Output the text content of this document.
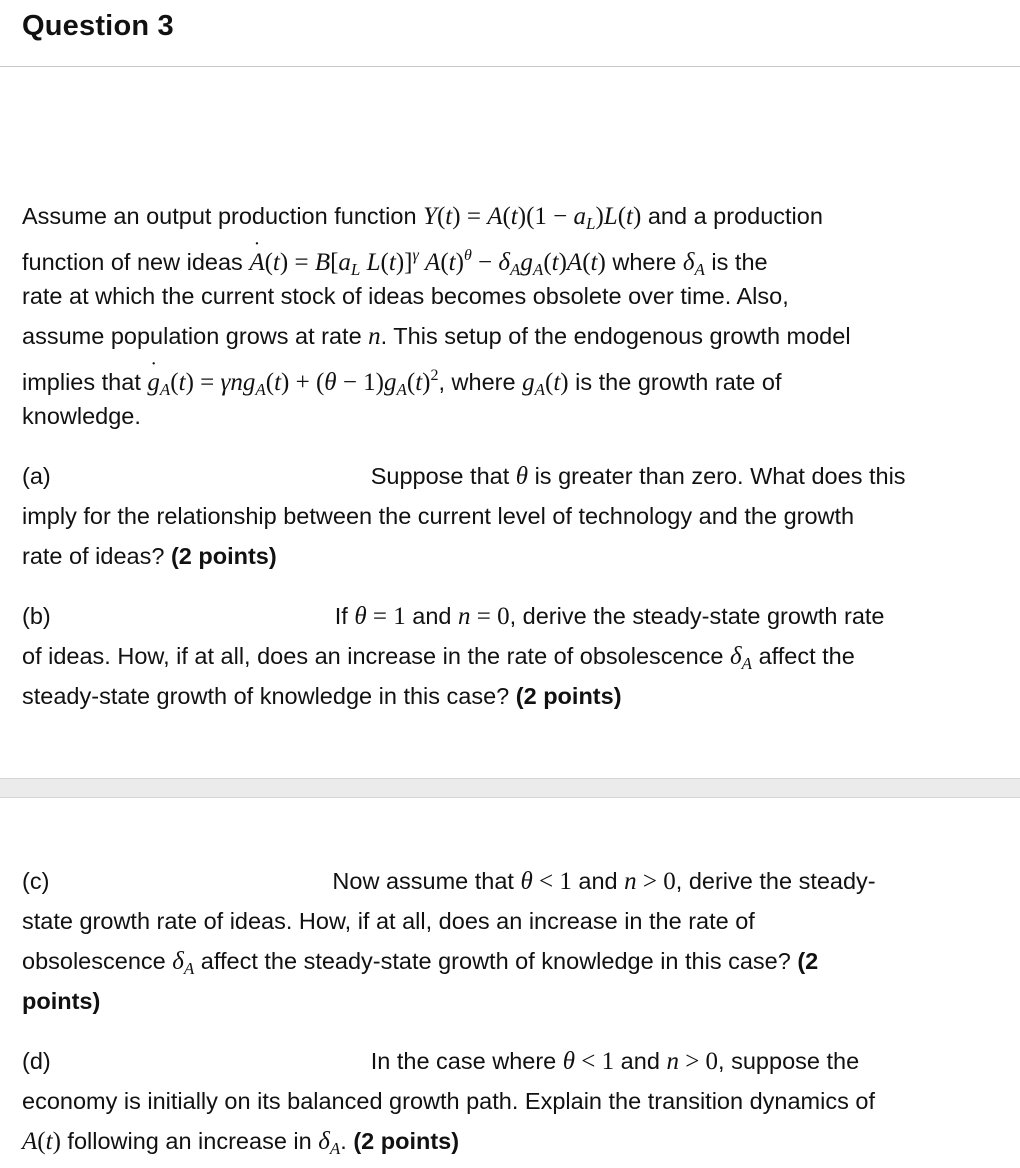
Question 3
Assume an output production function $Y(t) = A(t)(1 - a_L)L(t)$ and a production
function of new ideas ˙ $A(t) = B[a_L$ L(t)]$^\gamma$ $A(t)^\theta - \delta_Ag_A(t)A(t)$ where $\delta_A$ is the
rate at which the current stock of ideas becomes obsolete over time. Also,
assume population grows at rate n. This setup of the endogenous growth model
implies that ˙ $g_A(t) = \gamma ng_A(t) + (\theta - 1)g_A(t)^2$, where $g_A(t)$ is the growth rate of
knowledge.
(a)	Suppose that θ is greater than zero. What does this
imply for the relationship between the current level of technology and the growth
rate of ideas? (2 points)
(b)	If θ = 1 and n = 0, derive the steady-state growth rate
of ideas. How, if at all, does an increase in the rate of obsolescence $\delta_A$ affect the
steady-state growth of knowledge in this case? (2 points)
(c)	Now assume that θ < 1 and n > 0, derive the steady-
state growth rate of ideas. How, if at all, does an increase in the rate of
obsolescence $\delta_A$ affect the steady-state growth of knowledge in this case? (2
points)
(d)	In the case where θ < 1 and n > 0, suppose the
economy is initially on its balanced growth path. Explain the transition dynamics of
A(t) following an increase in $\delta_A$. (2 points)
